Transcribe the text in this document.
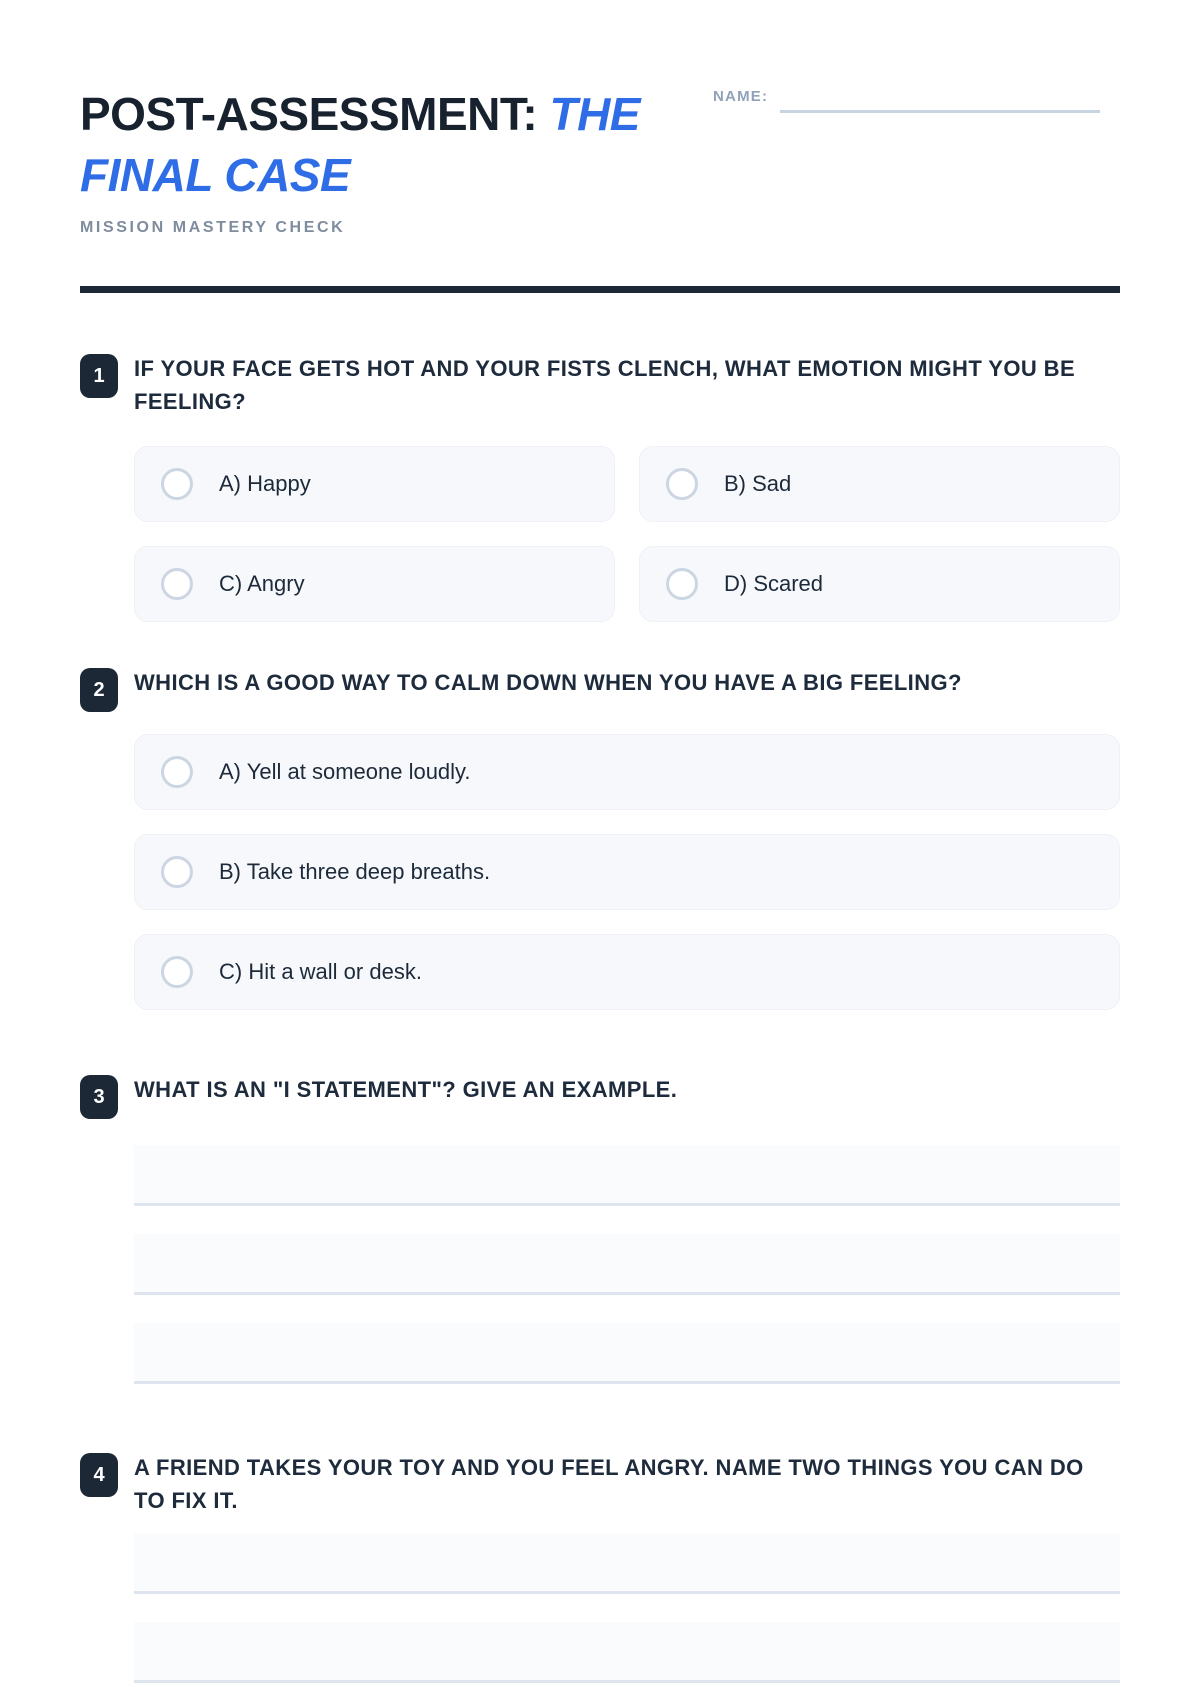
POST-ASSESSMENT: THE FINAL CASE
MISSION MASTERY CHECK
NAME:
1	IF YOUR FACE GETS HOT AND YOUR FISTS CLENCH, WHAT EMOTION MIGHT YOU BE FEELING?
A) Happy	B) Sad
C) Angry	D) Scared
2	WHICH IS A GOOD WAY TO CALM DOWN WHEN YOU HAVE A BIG FEELING?
A) Yell at someone loudly.
B) Take three deep breaths.
C) Hit a wall or desk.
3	WHAT IS AN "I STATEMENT"? GIVE AN EXAMPLE.
4	A FRIEND TAKES YOUR TOY AND YOU FEEL ANGRY. NAME TWO THINGS YOU CAN DO TO FIX IT.
